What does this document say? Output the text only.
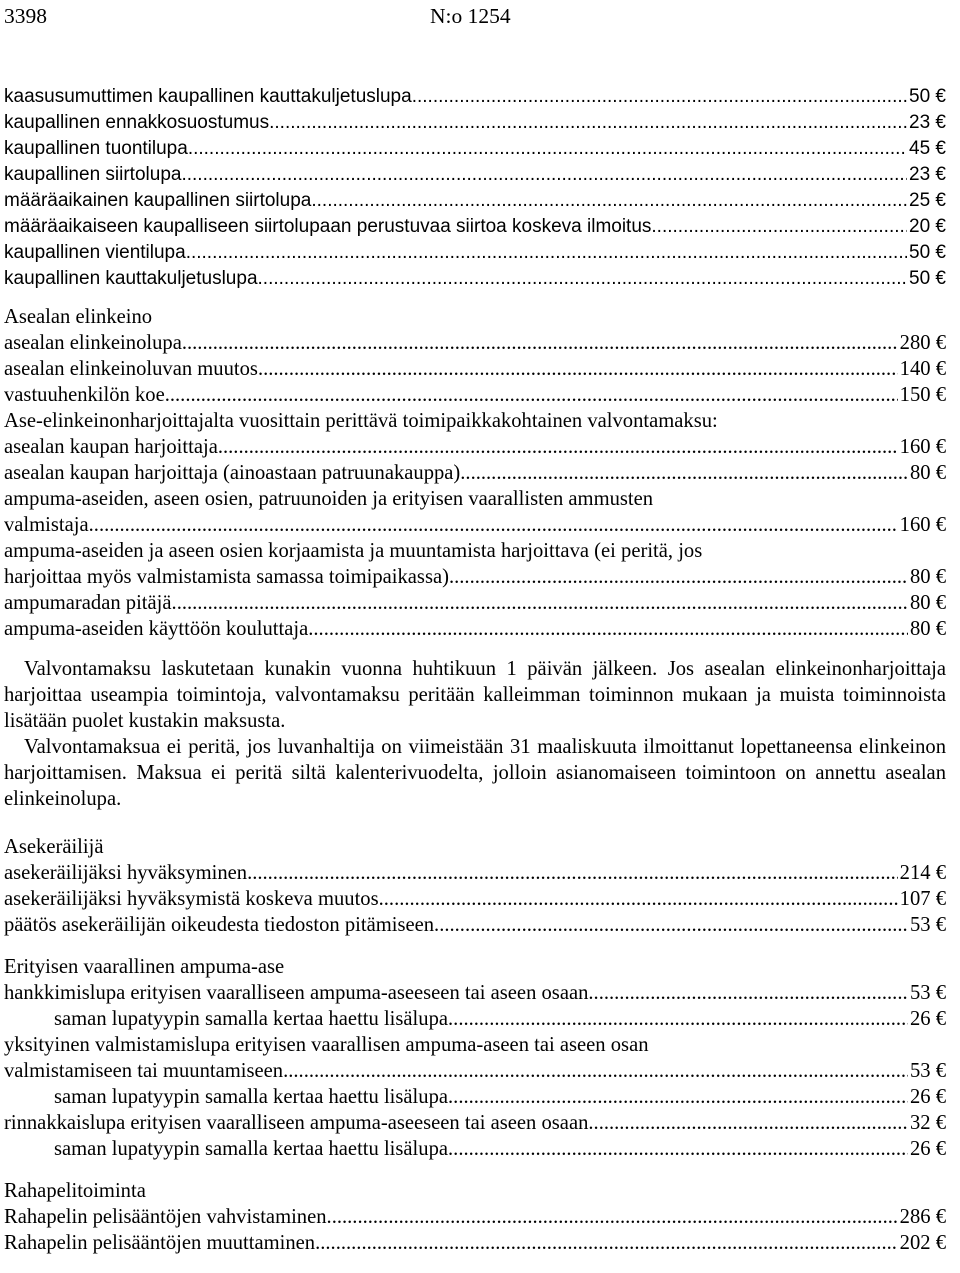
3398	N:o 1254
kaasusumuttimen kaupallinen kauttakuljetuslupa .....	50 €
kaupallinen ennakkosuostumus .....	23 €
kaupallinen tuontilupa .....	45 €
kaupallinen siirtolupa .....	23 €
määräaikainen kaupallinen siirtolupa .....	25 €
määräaikaiseen kaupalliseen siirtolupaan perustuvaa siirtoa koskeva ilmoitus .....	20 €
kaupallinen vientilupa .....	50 €
kaupallinen kauttakuljetuslupa .....	50 €
Asealan elinkeino
asealan elinkeinolupa .....	280 €
asealan elinkeinoluvan muutos .....	140 €
vastuuhenkilön koe .....	150 €
Ase-elinkeinonharjoittajalta vuosittain perittävä toimipaikkakohtainen valvontamaksu:
asealan kaupan harjoittaja .....	160 €
asealan kaupan harjoittaja (ainoastaan patruunakauppa) .....	80 €
ampuma-aseiden, aseen osien, patruunoiden ja erityisen vaarallisten ammusten
valmistaja .....	160 €
ampuma-aseiden ja aseen osien korjaamista ja muuntamista harjoittava (ei peritä, jos
harjoittaa myös valmistamista samassa toimipaikassa) .....	80 €
ampumaradan pitäjä .....	80 €
ampuma-aseiden käyttöön kouluttaja .....	80 €

Valvontamaksu laskutetaan kunakin vuonna huhtikuun 1 päivän jälkeen. Jos asealan elinkeinonharjoittaja harjoittaa useampia toimintoja, valvontamaksu peritään kalleimman toiminnon mukaan ja muista toiminnoista lisätään puolet kustakin maksusta.

Valvontamaksua ei peritä, jos luvanhaltija on viimeistään 31 maaliskuuta ilmoittanut lopettaneensa elinkeinon harjoittamisen. Maksua ei peritä siltä kalenterivuodelta, jolloin asianomaiseen toimintoon on annettu asealan elinkeinolupa.

Asekeräilijä
asekeräilijäksi hyväksyminen .....	214 €
asekeräilijäksi hyväksymistä koskeva muutos .....	107 €
päätös asekeräilijän oikeudesta tiedoston pitämiseen .....	53 €
Erityisen vaarallinen ampuma-ase
hankkimislupa erityisen vaaralliseen ampuma-aseeseen tai aseen osaan .....	53 €
saman lupatyypin samalla kertaa haettu lisälupa .....	26 €
yksityinen valmistamislupa erityisen vaarallisen ampuma-aseen tai aseen osan
valmistamiseen tai muuntamiseen .....	53 €
saman lupatyypin samalla kertaa haettu lisälupa .....	26 €
rinnakkaislupa erityisen vaaralliseen ampuma-aseeseen tai aseen osaan .....	32 €
saman lupatyypin samalla kertaa haettu lisälupa .....	26 €
Rahapelitoiminta
Rahapelin pelisääntöjen vahvistaminen .....	286 €
Rahapelin pelisääntöjen muuttaminen .....	202 €
